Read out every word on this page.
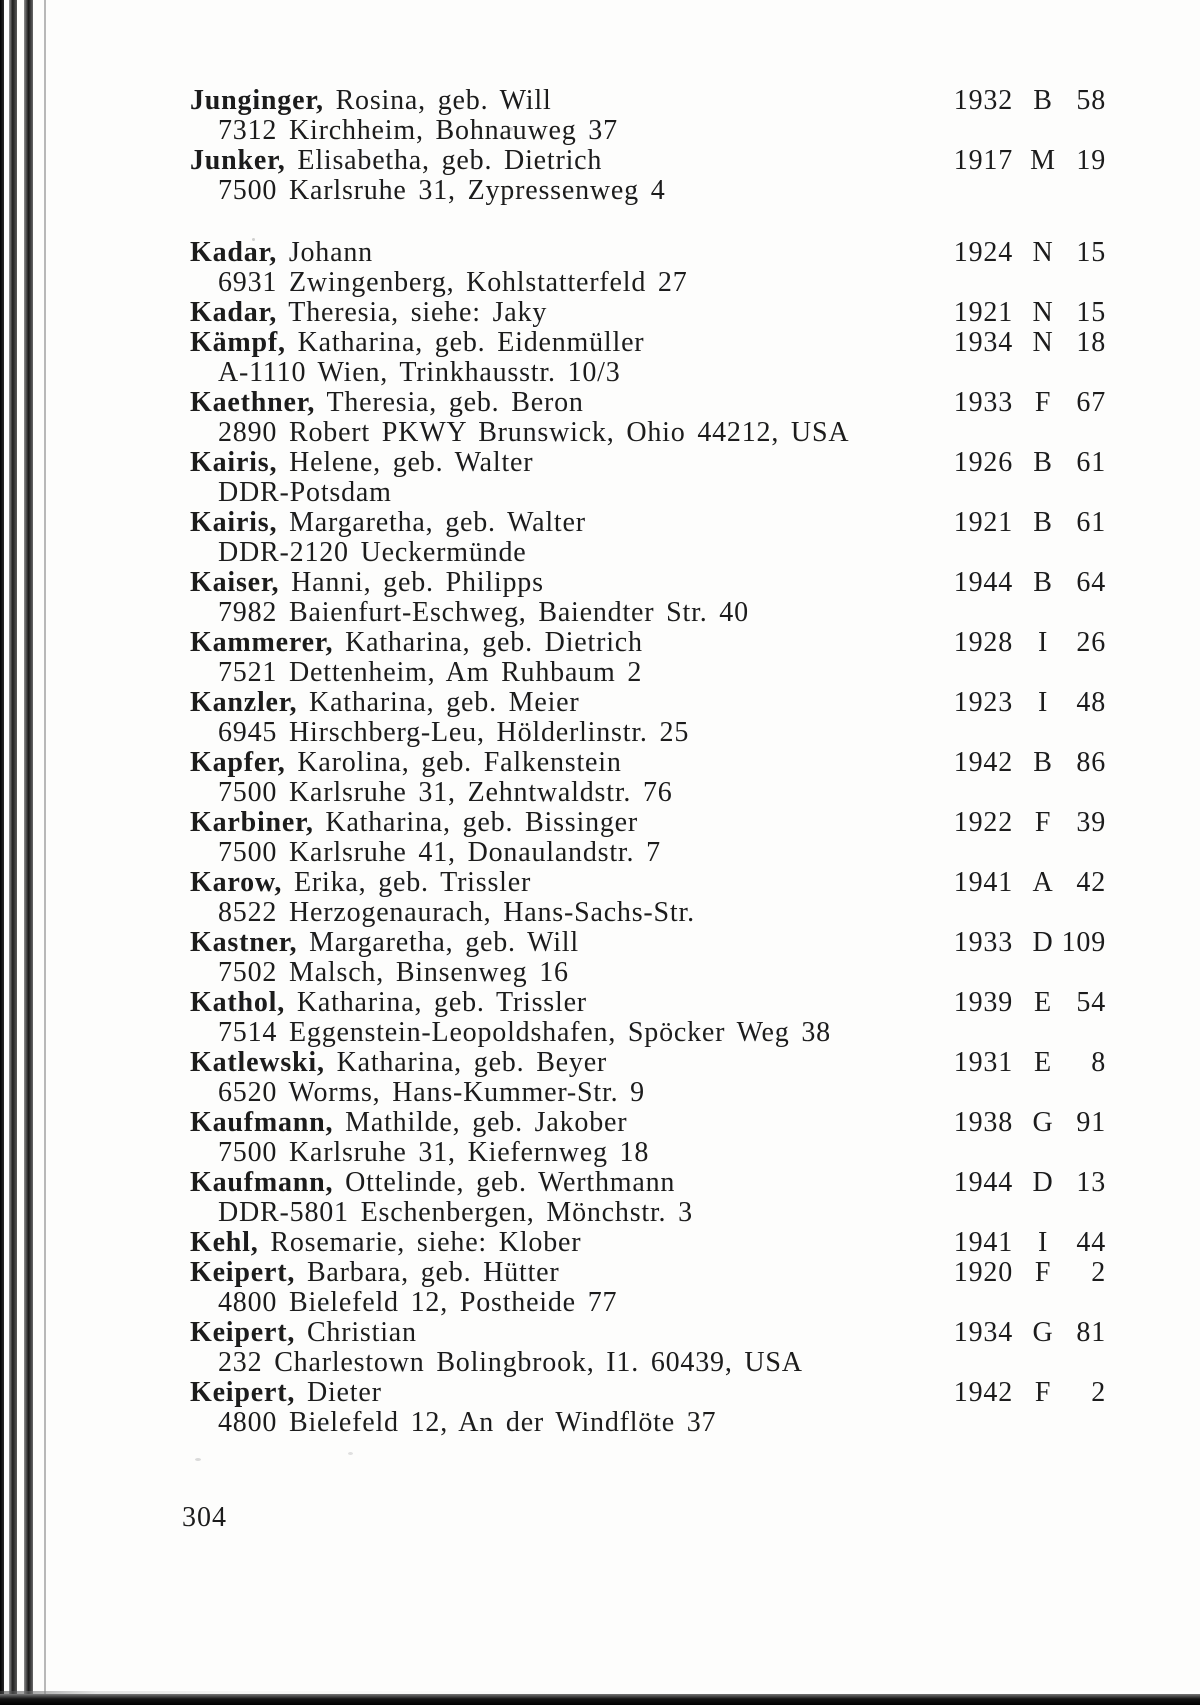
Junginger, Rosina, geb. Will	1932 B 58
7312 Kirchheim, Bohnauweg 37
Junker, Elisabetha, geb. Dietrich	1917 M 19
7500 Karlsruhe 31, Zypressenweg 4
Kadar, Johann	1924 N 15
6931 Zwingenberg, Kohlstatterfeld 27
Kadar, Theresia, siehe: Jaky	1921 N 15
Kämpf, Katharina, geb. Eidenmüller	1934 N 18
A-1110 Wien, Trinkhausstr. 10/3
Kaethner, Theresia, geb. Beron	1933 F 67
2890 Robert PKWY Brunswick, Ohio 44212, USA
Kairis, Helene, geb. Walter	1926 B 61
DDR-Potsdam
Kairis, Margaretha, geb. Walter	1921 B 61
DDR-2120 Ueckermünde
Kaiser, Hanni, geb. Philipps	1944 B 64
7982 Baienfurt-Eschweg, Baiendter Str. 40
Kammerer, Katharina, geb. Dietrich	1928 I	26
7521 Dettenheim, Am Ruhbaum 2
Kanzler, Katharina, geb. Meier	1923 I	48
6945 Hirschberg-Leu, Hölderlinstr. 25
Kapfer, Karolina, geb. Falkenstein	1942 B 86
7500 Karlsruhe 31, Zehntwaldstr. 76
Karbiner, Katharina, geb. Bissinger	1922 F 39
7500 Karlsruhe 41, Donaulandstr. 7
Karow, Erika, geb. Trissler	1941 A 42
8522 Herzogenaurach, Hans-Sachs-Str.
Kastner, Margaretha, geb. Will	1933 D 109
7502 Malsch, Binsenweg 16
Kathol, Katharina, geb. Trissler	1939 E 54
7514 Eggenstein-Leopoldshafen, Spöcker Weg 38
Katlewski, Katharina, geb. Beyer	1931 E	8
6520 Worms, Hans-Kummer-Str. 9
Kaufmann, Mathilde, geb. Jakober	1938 G 91
7500 Karlsruhe 31, Kiefernweg 18
Kaufmann, Ottelinde, geb. Werthmann	1944 D 13
DDR-5801 Eschenbergen, Mönchstr. 3
Kehl, Rosemarie, siehe: Klober	1941 I	44
Keipert, Barbara, geb. Hütter	1920 F	2
4800 Bielefeld 12, Postheide 77
Keipert, Christian	1934 G 81
232 Charlestown Bolingbrook, I1. 60439, USA
Keipert, Dieter	1942 F	2
4800 Bielefeld 12, An der Windflöte 37
304
